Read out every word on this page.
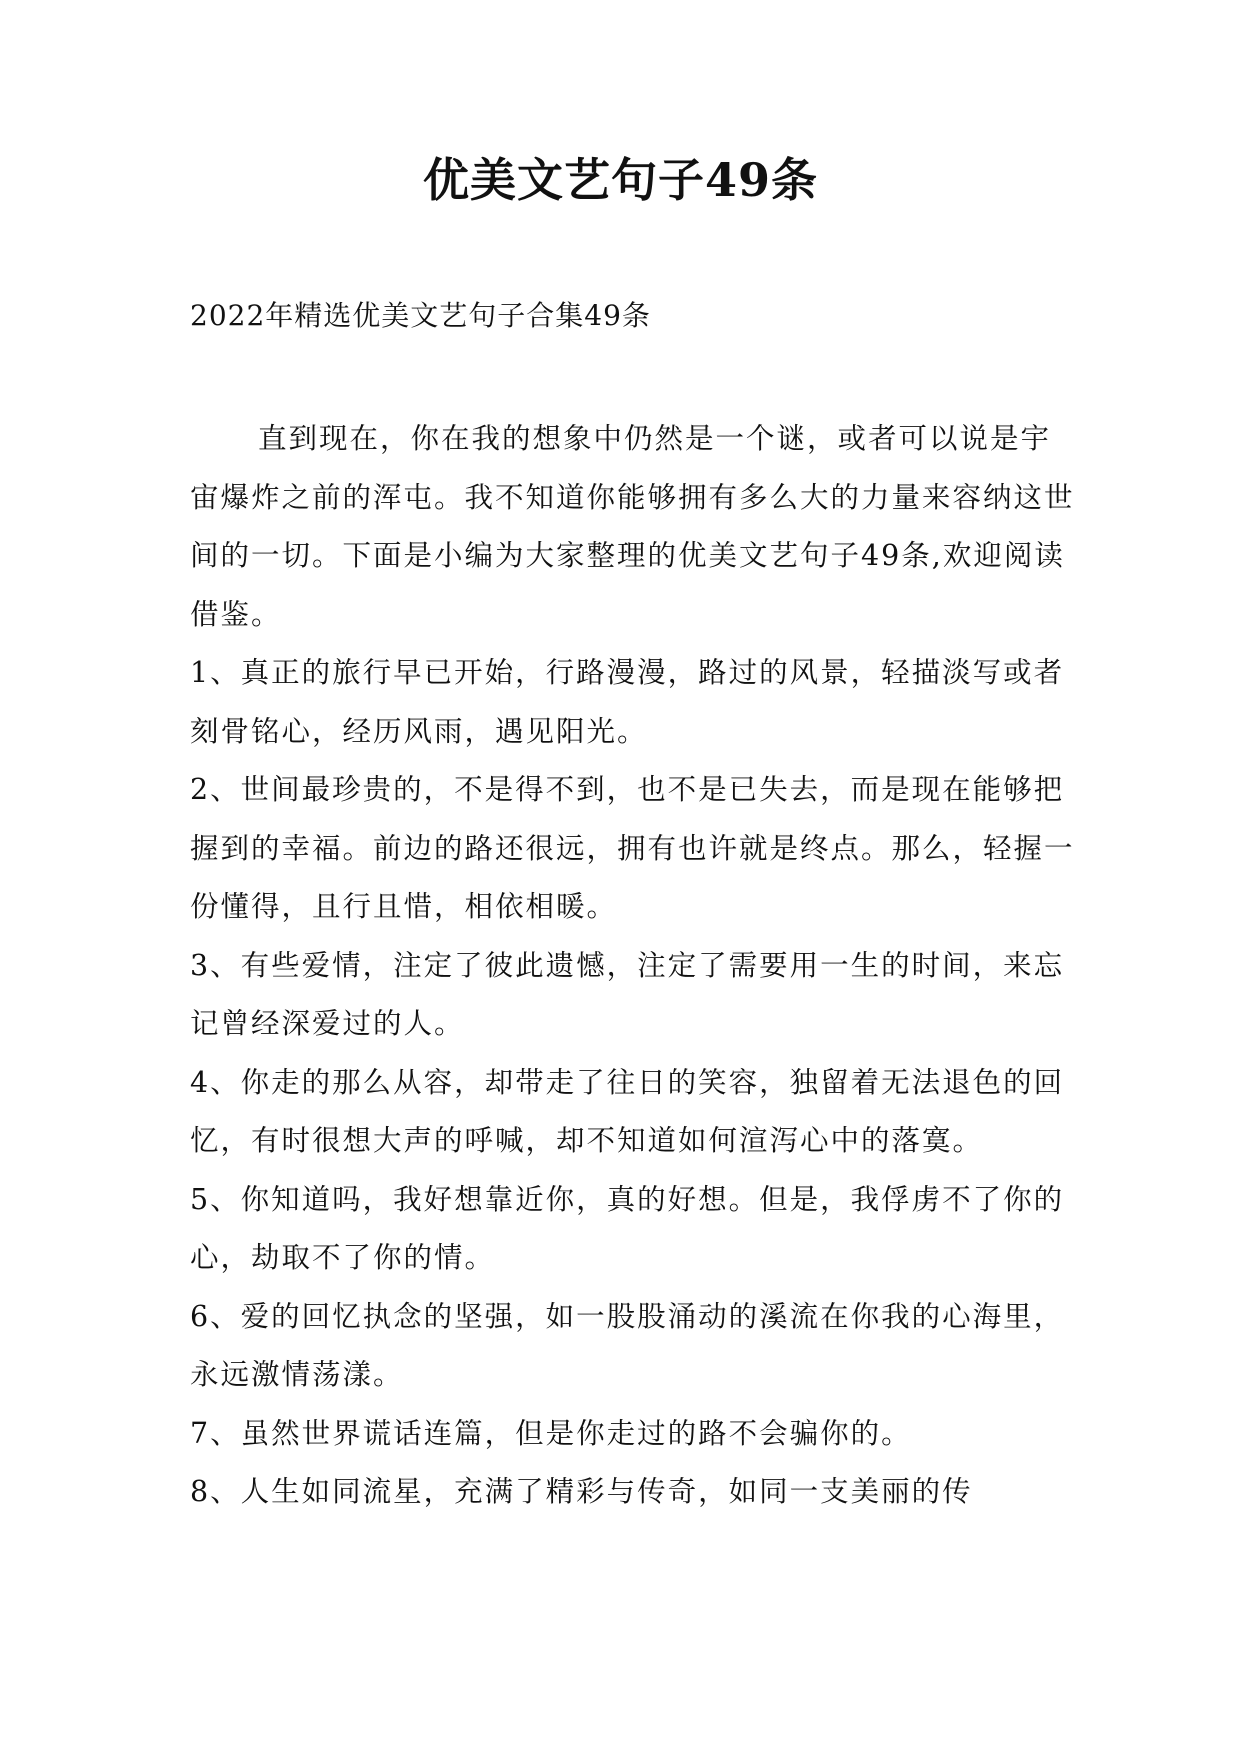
优美文艺句子49条
2022年精选优美文艺句子合集49条

直到现在，你在我的想象中仍然是一个谜，或者可以说是宇宙爆炸之前的浑屯。我不知道你能够拥有多么大的力量来容纳这世间的一切。下面是小编为大家整理的优美文艺句子49条,欢迎阅读借鉴。

1、真正的旅行早已开始，行路漫漫，路过的风景，轻描淡写或者刻骨铭心，经历风雨，遇见阳光。

2、世间最珍贵的，不是得不到，也不是已失去，而是现在能够把握到的幸福。前边的路还很远，拥有也许就是终点。那么，轻握一份懂得，且行且惜，相依相暖。

3、有些爱情，注定了彼此遗憾，注定了需要用一生的时间，来忘记曾经深爱过的人。

4、你走的那么从容，却带走了往日的笑容，独留着无法退色的回忆，有时很想大声的呼喊，却不知道如何渲泻心中的落寞。

5、你知道吗，我好想靠近你，真的好想。但是，我俘虏不了你的心，劫取不了你的情。

6、爱的回忆执念的坚强，如一股股涌动的溪流在你我的心海里，永远激情荡漾。

7、虽然世界谎话连篇，但是你走过的路不会骗你的。

8、人生如同流星，充满了精彩与传奇，如同一支美丽的传
